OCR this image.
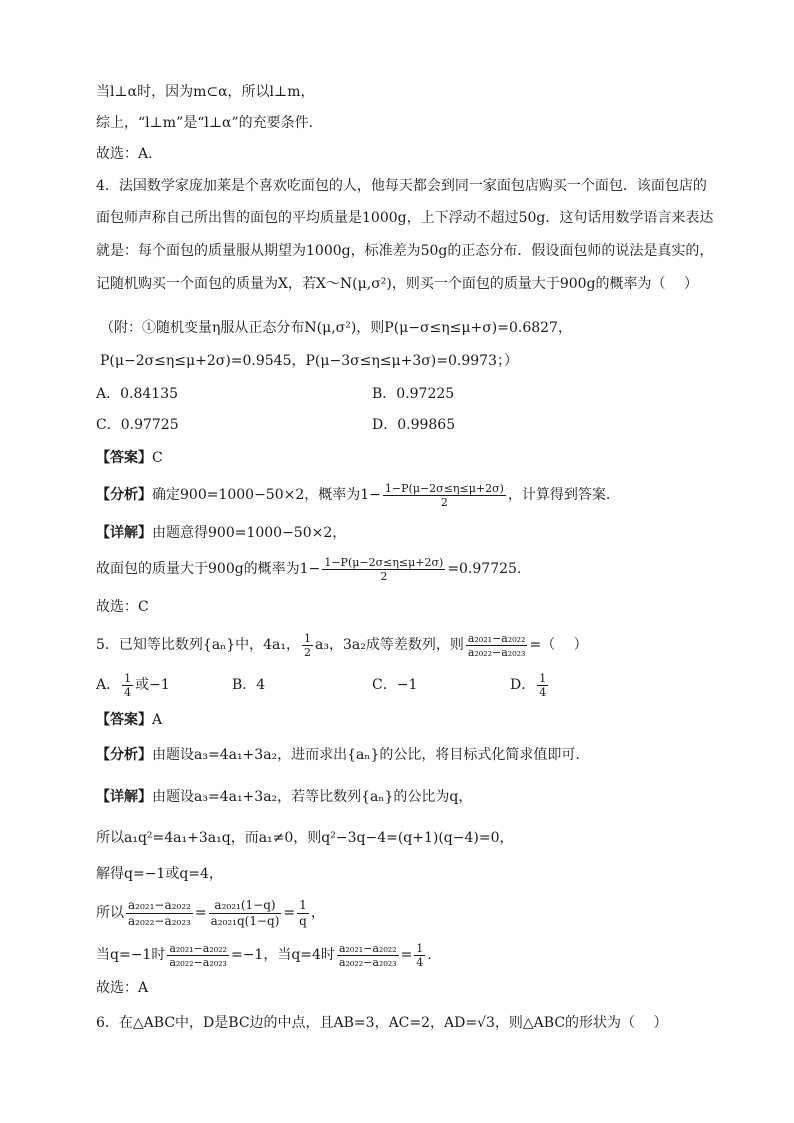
当l⊥α时，因为m⊂α，所以l⊥m，
综上，“l⊥m”是“l⊥α”的充要条件.
故选：A.
4．法国数学家庞加莱是个喜欢吃面包的人，他每天都会到同一家面包店购买一个面包．该面包店的
面包师声称自己所出售的面包的平均质量是1000g，上下浮动不超过50g．这句话用数学语言来表达
就是：每个面包的质量服从期望为1000g，标准差为50g的正态分布．假设面包师的说法是真实的，
记随机购买一个面包的质量为X，若X～N(μ,σ²)，则买一个面包的质量大于900g的概率为（　 ）
（附：①随机变量η服从正态分布N(μ,σ²)，则P(μ−σ≤η≤μ+σ)=0.6827，
P(μ−2σ≤η≤μ+2σ)=0.9545，P(μ−3σ≤η≤μ+3σ)=0.9973；）
A．0.84135	B．0.97225
C．0.97725	D．0.99865
【答案】C
【分析】确定900=1000−50×2，概率为$1- \frac{1-P(\mu-2\sigma\le\eta\le\mu+2\sigma)}{2}$ ，计算得到答案.
【详解】由题意得900=1000−50×2，
故面包的质量大于900g的概率为$1- \frac{1-P(\mu-2\sigma\le\eta\le\mu+2\sigma)}{2} =0.97725$.
故选：C
5．已知等比数列{aₙ}中，4a₁， $\frac{1}{2} a_3$，3a₂成等差数列，则 $\frac{\text{a₂₀₂₁−a₂₀₂₂}}{\text{a₂₀₂₂−a₂₀₂₃}}$ =（　 ）
A． $\frac{1}{4}$ 或−1	B．4	C．−1	D． $\frac{1}{4}$
【答案】A
【分析】由题设a₃=4a₁+3a₂，进而求出{aₙ}的公比，将目标式化简求值即可.
【详解】由题设a₃=4a₁+3a₂，若等比数列{aₙ}的公比为q，
所以a₁q²=4a₁+3a₁q，而a₁≠0，则q²−3q−4=(q+1)(q−4)=0，
解得q=−1或q=4，
所以 $\frac{\text{a₂₀₂₁−a₂₀₂₂}}{\text{a₂₀₂₂−a₂₀₂₃}} = \frac{\text{a₂₀₂₁(1−q)}}{\text{a₂₀₂₁q(1−q)}} = \frac{1}{q}$ ，
当q=−1时 $\frac{\text{a₂₀₂₁−a₂₀₂₂}}{\text{a₂₀₂₂−a₂₀₂₃}} =-1$，当q=4时 $\frac{\text{a₂₀₂₁−a₂₀₂₂}}{\text{a₂₀₂₂−a₂₀₂₃}} = \frac{1}{4}$ .
故选：A
6．在△ABC中，D是BC边的中点，且AB=3，AC=2，AD=√3，则△ABC的形状为（　 ）
